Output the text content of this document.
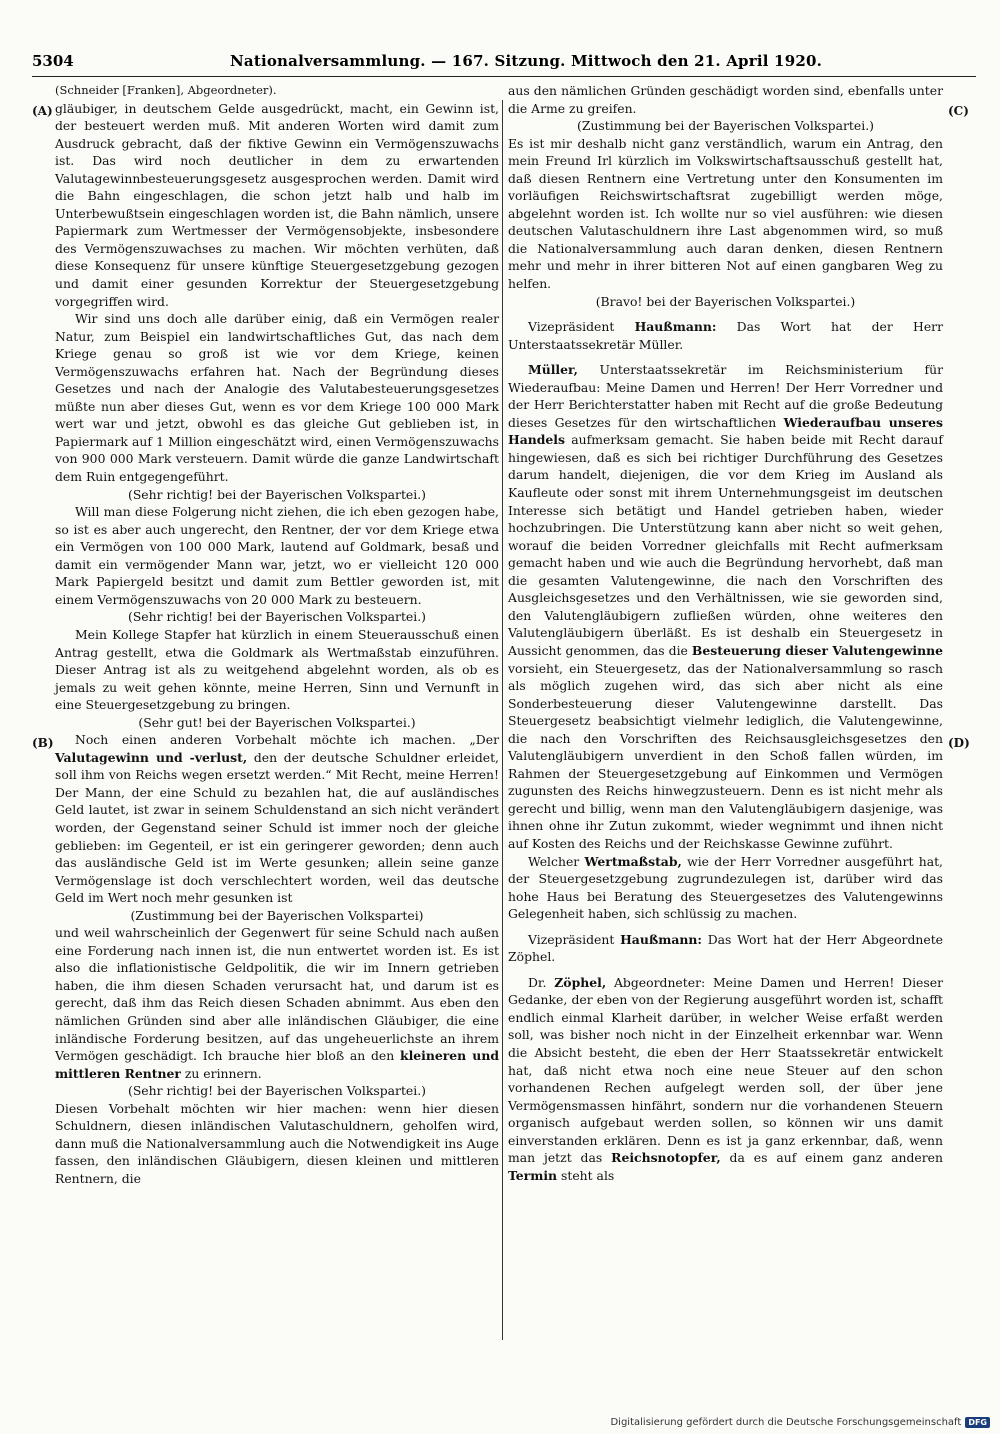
5304	Nationalversammlung. — 167. Sitzung. Mittwoch den 21. April 1920.
(A)
(B)
(C)
(D)

(Schneider [Franken], Abgeordneter).

gläubiger, in deutschem Gelde ausgedrückt, macht, ein Gewinn ist, der besteuert werden muß. Mit anderen Worten wird damit zum Ausdruck gebracht, daß der fiktive Gewinn ein Vermögenszuwachs ist. Das wird noch deutlicher in dem zu erwartenden Valutagewinnbesteuerungsgesetz ausgesprochen werden. Damit wird die Bahn eingeschlagen, die schon jetzt halb und halb im Unterbewußtsein eingeschlagen worden ist, die Bahn nämlich, unsere Papiermark zum Wertmesser der Vermögensobjekte, insbesondere des Vermögenszuwachses zu machen. Wir möchten verhüten, daß diese Konsequenz für unsere künftige Steuergesetzgebung gezogen und damit einer gesunden Korrektur der Steuergesetzgebung vorgegriffen wird.

Wir sind uns doch alle darüber einig, daß ein Vermögen realer Natur, zum Beispiel ein landwirtschaftliches Gut, das nach dem Kriege genau so groß ist wie vor dem Kriege, keinen Vermögenszuwachs erfahren hat. Nach der Begründung dieses Gesetzes und nach der Analogie des Valutabesteuerungsgesetzes müßte nun aber dieses Gut, wenn es vor dem Kriege 100 000 Mark wert war und jetzt, obwohl es das gleiche Gut geblieben ist, in Papiermark auf 1 Million eingeschätzt wird, einen Vermögenszuwachs von 900 000 Mark versteuern. Damit würde die ganze Landwirtschaft dem Ruin entgegengeführt.

(Sehr richtig! bei der Bayerischen Volkspartei.)

Will man diese Folgerung nicht ziehen, die ich eben gezogen habe, so ist es aber auch ungerecht, den Rentner, der vor dem Kriege etwa ein Vermögen von 100 000 Mark, lautend auf Goldmark, besaß und damit ein vermögender Mann war, jetzt, wo er vielleicht 120 000 Mark Papiergeld besitzt und damit zum Bettler geworden ist, mit einem Vermögenszuwachs von 20 000 Mark zu besteuern.

(Sehr richtig! bei der Bayerischen Volkspartei.)

Mein Kollege Stapfer hat kürzlich in einem Steuerausschuß einen Antrag gestellt, etwa die Goldmark als Wertmaßstab einzuführen. Dieser Antrag ist als zu weitgehend abgelehnt worden, als ob es jemals zu weit gehen könnte, meine Herren, Sinn und Vernunft in eine Steuergesetzgebung zu bringen.

(Sehr gut! bei der Bayerischen Volkspartei.)

Noch einen anderen Vorbehalt möchte ich machen. „Der Valutagewinn und -verlust, den der deutsche Schuldner erleidet, soll ihm von Reichs wegen ersetzt werden.“ Mit Recht, meine Herren! Der Mann, der eine Schuld zu bezahlen hat, die auf ausländisches Geld lautet, ist zwar in seinem Schuldenstand an sich nicht verändert worden, der Gegenstand seiner Schuld ist immer noch der gleiche geblieben: im Gegenteil, er ist ein geringerer geworden; denn auch das ausländische Geld ist im Werte gesunken; allein seine ganze Vermögenslage ist doch verschlechtert worden, weil das deutsche Geld im Wert noch mehr gesunken ist

(Zustimmung bei der Bayerischen Volkspartei)

und weil wahrscheinlich der Gegenwert für seine Schuld nach außen eine Forderung nach innen ist, die nun entwertet worden ist. Es ist also die inflationistische Geldpolitik, die wir im Innern getrieben haben, die ihm diesen Schaden verursacht hat, und darum ist es gerecht, daß ihm das Reich diesen Schaden abnimmt. Aus eben den nämlichen Gründen sind aber alle inländischen Gläubiger, die eine inländische Forderung besitzen, auf das ungeheuerlichste an ihrem Vermögen geschädigt. Ich brauche hier bloß an den kleineren und mittleren Rentner zu erinnern.

(Sehr richtig! bei der Bayerischen Volkspartei.)

Diesen Vorbehalt möchten wir hier machen: wenn hier diesen Schuldnern, diesen inländischen Valutaschuldnern, geholfen wird, dann muß die Nationalversammlung auch die Notwendigkeit ins Auge fassen, den inländischen Gläubigern, diesen kleinen und mittleren Rentnern, die

aus den nämlichen Gründen geschädigt worden sind, ebenfalls unter die Arme zu greifen.

(Zustimmung bei der Bayerischen Volkspartei.)

Es ist mir deshalb nicht ganz verständlich, warum ein Antrag, den mein Freund Irl kürzlich im Volkswirtschaftsausschuß gestellt hat, daß diesen Rentnern eine Vertretung unter den Konsumenten im vorläufigen Reichswirtschaftsrat zugebilligt werden möge, abgelehnt worden ist. Ich wollte nur so viel ausführen: wie diesen deutschen Valutaschuldnern ihre Last abgenommen wird, so muß die Nationalversammlung auch daran denken, diesen Rentnern mehr und mehr in ihrer bitteren Not auf einen gangbaren Weg zu helfen.

(Bravo! bei der Bayerischen Volkspartei.)

Vizepräsident Haußmann: Das Wort hat der Herr Unterstaatssekretär Müller.

Müller, Unterstaatssekretär im Reichsministerium für Wiederaufbau: Meine Damen und Herren! Der Herr Vorredner und der Herr Berichterstatter haben mit Recht auf die große Bedeutung dieses Gesetzes für den wirtschaftlichen Wiederaufbau unseres Handels aufmerksam gemacht. Sie haben beide mit Recht darauf hingewiesen, daß es sich bei richtiger Durchführung des Gesetzes darum handelt, diejenigen, die vor dem Krieg im Ausland als Kaufleute oder sonst mit ihrem Unternehmungsgeist im deutschen Interesse sich betätigt und Handel getrieben haben, wieder hochzubringen. Die Unterstützung kann aber nicht so weit gehen, worauf die beiden Vorredner gleichfalls mit Recht aufmerksam gemacht haben und wie auch die Begründung hervorhebt, daß man die gesamten Valutengewinne, die nach den Vorschriften des Ausgleichsgesetzes und den Verhältnissen, wie sie geworden sind, den Valutengläubigern zufließen würden, ohne weiteres den Valutengläubigern überläßt. Es ist deshalb ein Steuergesetz in Aussicht genommen, das die Besteuerung dieser Valutengewinne vorsieht, ein Steuergesetz, das der Nationalversammlung so rasch als möglich zugehen wird, das sich aber nicht als eine Sonderbesteuerung dieser Valutengewinne darstellt. Das Steuergesetz beabsichtigt vielmehr lediglich, die Valutengewinne, die nach den Vorschriften des Reichsausgleichsgesetzes den Valutengläubigern unverdient in den Schoß fallen würden, im Rahmen der Steuergesetzgebung auf Einkommen und Vermögen zugunsten des Reichs hinwegzusteuern. Denn es ist nicht mehr als gerecht und billig, wenn man den Valutengläubigern dasjenige, was ihnen ohne ihr Zutun zukommt, wieder wegnimmt und ihnen nicht auf Kosten des Reichs und der Reichskasse Gewinne zuführt.

Welcher Wertmaßstab, wie der Herr Vorredner ausgeführt hat, der Steuergesetzgebung zugrundezulegen ist, darüber wird das hohe Haus bei Beratung des Steuergesetzes des Valutengewinns Gelegenheit haben, sich schlüssig zu machen.

Vizepräsident Haußmann: Das Wort hat der Herr Abgeordnete Zöphel.

Dr. Zöphel, Abgeordneter: Meine Damen und Herren! Dieser Gedanke, der eben von der Regierung ausgeführt worden ist, schafft endlich einmal Klarheit darüber, in welcher Weise erfaßt werden soll, was bisher noch nicht in der Einzelheit erkennbar war. Wenn die Absicht besteht, die eben der Herr Staatssekretär entwickelt hat, daß nicht etwa noch eine neue Steuer auf den schon vorhandenen Rechen aufgelegt werden soll, der über jene Vermögensmassen hinfährt, sondern nur die vorhandenen Steuern organisch aufgebaut werden sollen, so können wir uns damit einverstanden erklären. Denn es ist ja ganz erkennbar, daß, wenn man jetzt das Reichsnotopfer, da es auf einem ganz anderen Termin steht als

Digitalisierung gefördert durch die Deutsche Forschungsgemeinschaft DFG
